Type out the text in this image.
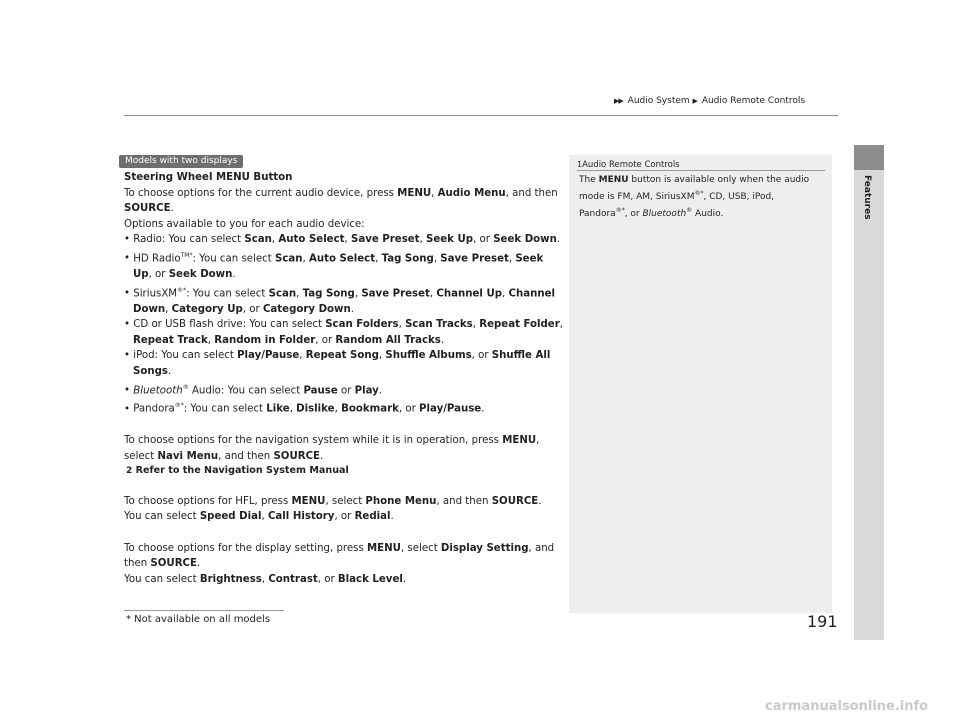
▶▶ Audio System ▶ Audio Remote Controls
Features
Models with two displays

Steering Wheel MENU Button

To choose options for the current audio device, press MENU, Audio Menu, and then SOURCE.

Options available to you for each audio device:

• Radio: You can select Scan, Auto Select, Save Preset, Seek Up, or Seek Down.
• HD Radio$^{TM*}$: You can select Scan, Auto Select, Tag Song, Save Preset, Seek Up, or Seek Down.
• SiriusXM®*: You can select Scan, Tag Song, Save Preset, Channel Up, Channel Down, Category Up, or Category Down.
• CD or USB flash drive: You can select Scan Folders, Scan Tracks, Repeat Folder, Repeat Track, Random in Folder, or Random All Tracks.
• iPod: You can select Play/Pause, Repeat Song, Shuffle Albums, or Shuffle All Songs.
• Bluetooth® Audio: You can select Pause or Play.
• Pandora®*: You can select Like, Dislike, Bookmark, or Play/Pause.

To choose options for the navigation system while it is in operation, press MENU, select Navi Menu, and then SOURCE.

2 Refer to the Navigation System Manual

To choose options for HFL, press MENU, select Phone Menu, and then SOURCE.

You can select Speed Dial, Call History, or Redial.

To choose options for the display setting, press MENU, select Display Setting, and then SOURCE.

You can select Brightness, Contrast, or Black Level.

1Audio Remote Controls
The MENU button is available only when the audio mode is FM, AM, SiriusXM®*, CD, USB, iPod, Pandora®*, or Bluetooth® Audio.
* Not available on all models	191
carmanualsonline.info
